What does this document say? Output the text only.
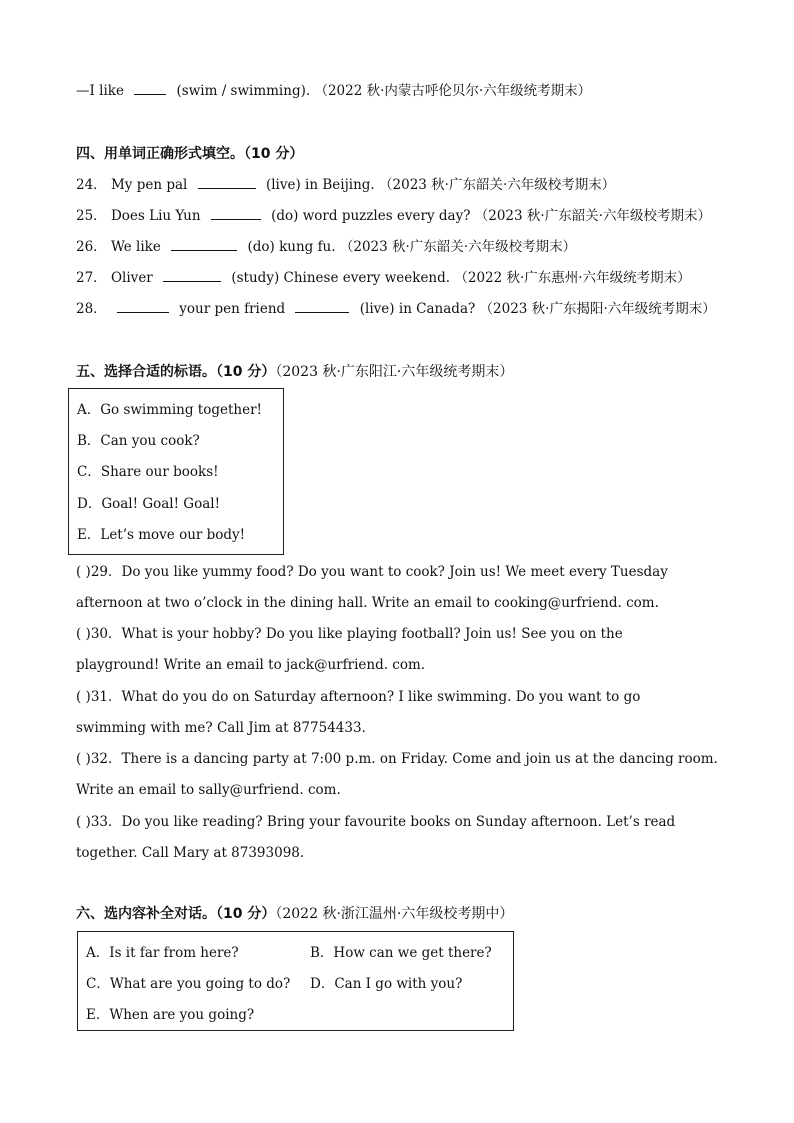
—I like	(swim / swimming). （2022 秋·内蒙古呼伦贝尔·六年级统考期末）
四、用单词正确形式填空。（10 分）
24． My pen pal	(live) in Beijing. （2023 秋·广东韶关·六年级校考期末）
25． Does Liu Yun	(do) word puzzles every day? （2023 秋·广东韶关·六年级校考期末）
26． We like	(do) kung fu. （2023 秋·广东韶关·六年级校考期末）
27． Oliver	(study) Chinese every weekend. （2022 秋·广东惠州·六年级统考期末）
28．	your pen friend	(live) in Canada? （2023 秋·广东揭阳·六年级统考期末）
五、选择合适的标语。（10 分）（2023 秋·广东阳江·六年级统考期末）
A．Go swimming together!
B．Can you cook?
C．Share our books!
D．Goal! Goal! Goal!
E．Let’s move our body!
( )29．Do you like yummy food? Do you want to cook? Join us! We meet every Tuesday
afternoon at two o’clock in the dining hall. Write an email to cooking@urfriend. com.
( )30．What is your hobby? Do you like playing football? Join us! See you on the
playground! Write an email to jack@urfriend. com.
( )31．What do you do on Saturday afternoon? I like swimming. Do you want to go
swimming with me? Call Jim at 87754433.
( )32．There is a dancing party at 7:00 p.m. on Friday. Come and join us at the dancing room.
Write an email to sally@urfriend. com.
( )33．Do you like reading? Bring your favourite books on Sunday afternoon. Let’s read
together. Call Mary at 87393098.
六、选内容补全对话。（10 分）（2022 秋·浙江温州·六年级校考期中）
A．Is it far from here?	B．How can we get there?
C．What are you going to do? D．Can I go with you?
E．When are you going?
